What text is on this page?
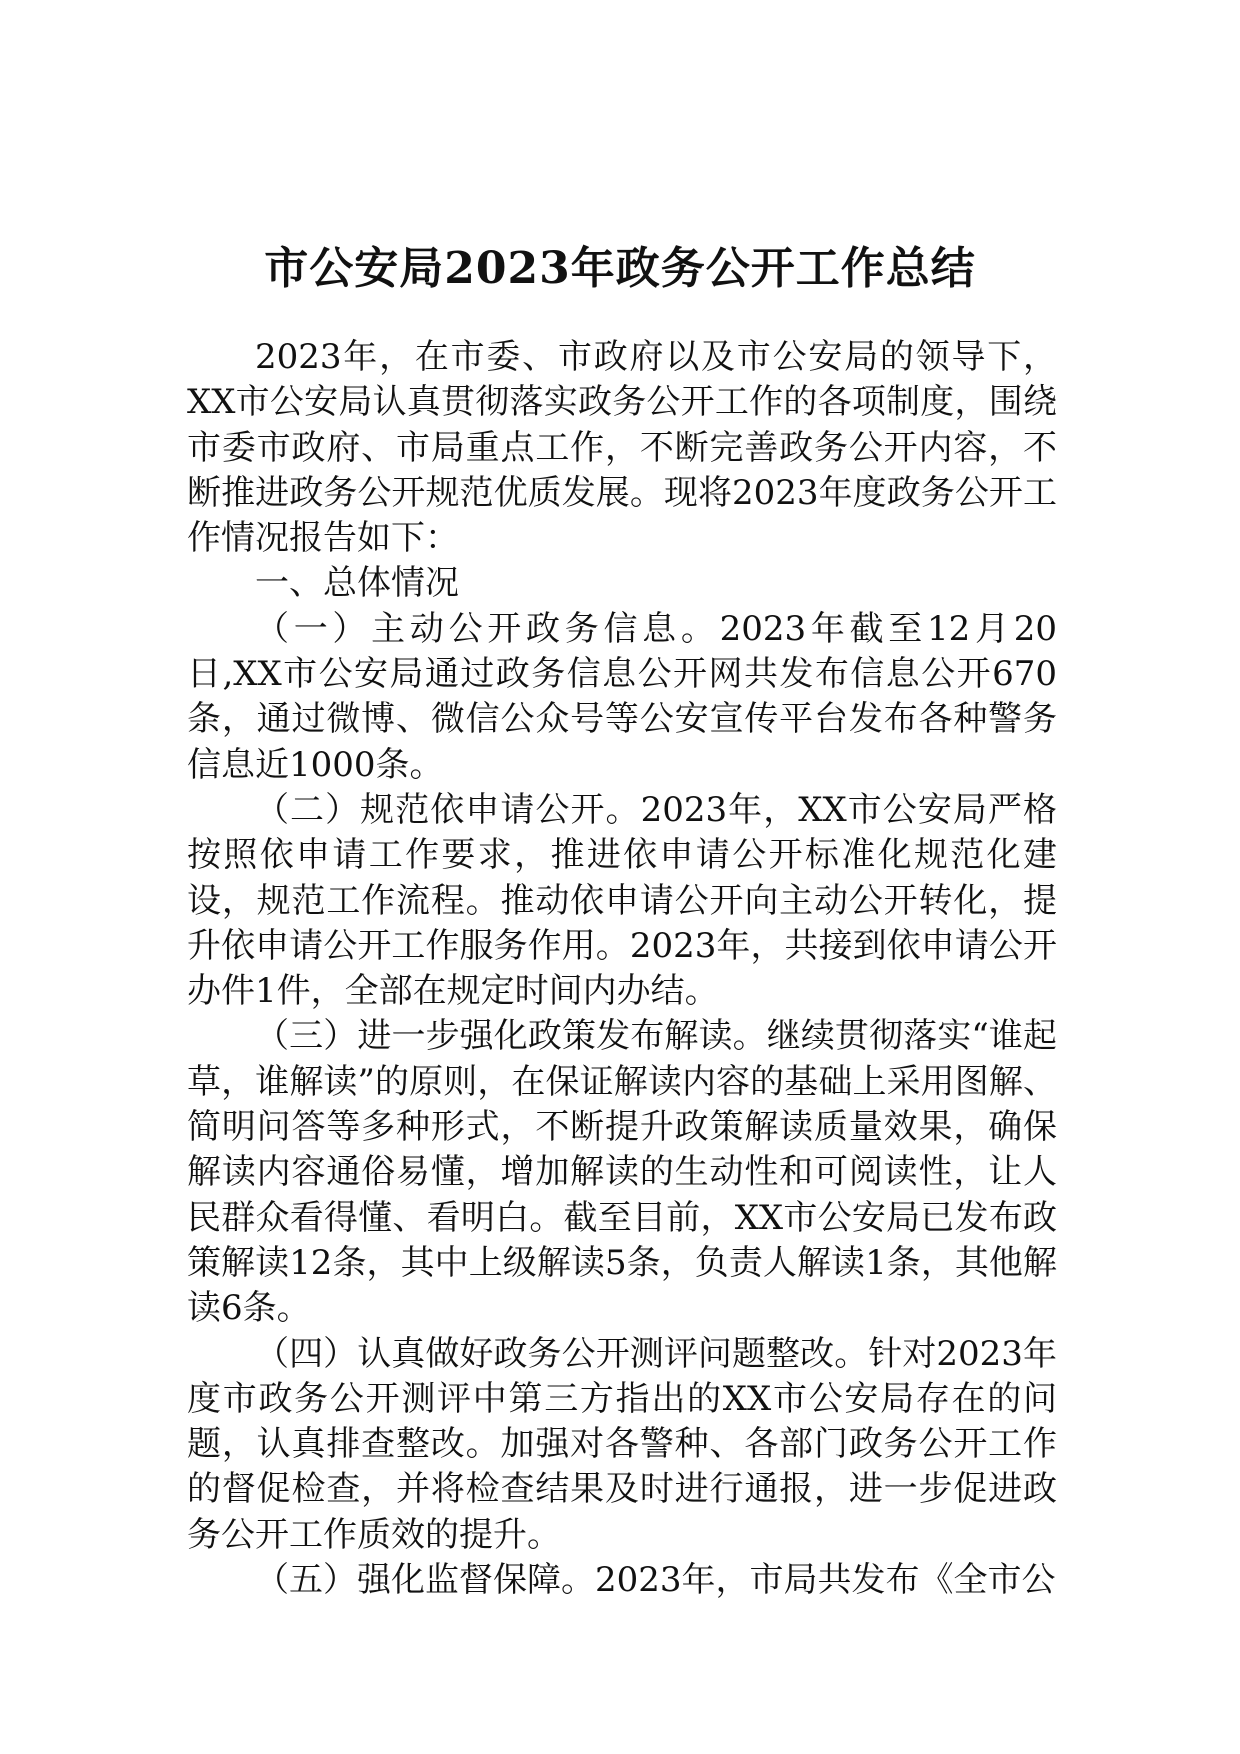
市公安局2023年政务公开工作总结

2023年，在市委、市政府以及市公安局的领导下，XX市公安局认真贯彻落实政务公开工作的各项制度，围绕市委市政府、市局重点工作，不断完善政务公开内容，不断推进政务公开规范优质发展。现将2023年度政务公开工作情况报告如下：

一、总体情况

（一）主动公开政务信息。2023年截至12月20日,XX市公安局通过政务信息公开网共发布信息公开670条，通过微博、微信公众号等公安宣传平台发布各种警务信息近1000条。

（二）规范依申请公开。2023年，XX市公安局严格按照依申请工作要求，推进依申请公开标准化规范化建设，规范工作流程。推动依申请公开向主动公开转化，提升依申请公开工作服务作用。2023年，共接到依申请公开办件1件，全部在规定时间内办结。

（三）进一步强化政策发布解读。继续贯彻落实“谁起草，谁解读”的原则，在保证解读内容的基础上采用图解、简明问答等多种形式，不断提升政策解读质量效果，确保解读内容通俗易懂，增加解读的生动性和可阅读性，让人民群众看得懂、看明白。截至目前，XX市公安局已发布政策解读12条，其中上级解读5条，负责人解读1条，其他解读6条。

（四）认真做好政务公开测评问题整改。针对2023年度市政务公开测评中第三方指出的XX市公安局存在的问题，认真排查整改。加强对各警种、各部门政务公开工作的督促检查，并将检查结果及时进行通报，进一步促进政务公开工作质效的提升。

（五）强化监督保障。2023年，市局共发布《全市公
